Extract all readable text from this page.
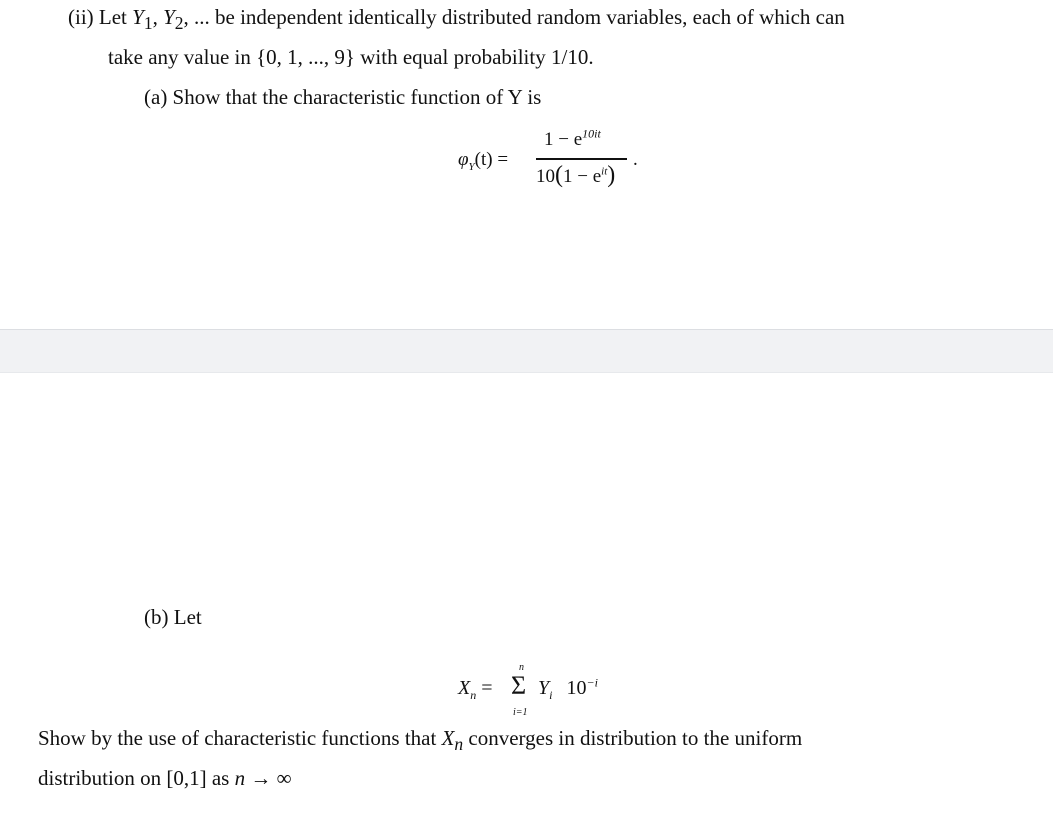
(ii) Let $Y_1$, $Y_2$, ... be independent identically distributed random variables, each of which can
take any value in {0, 1, ..., 9} with equal probability 1/10.
(a) Show that the characteristic function of Y is
$\varphi_Y(t)$ =
$1 - e^{10it}$
$10(1 - e^{it})$
.
(b) Let
$X_n$ =
n
Σ
i=1
$Y_i$ $10^{-i}$
Show by the use of characteristic functions that $X_n$ converges in distribution to the uniform
distribution on [0,1] as n → ∞
